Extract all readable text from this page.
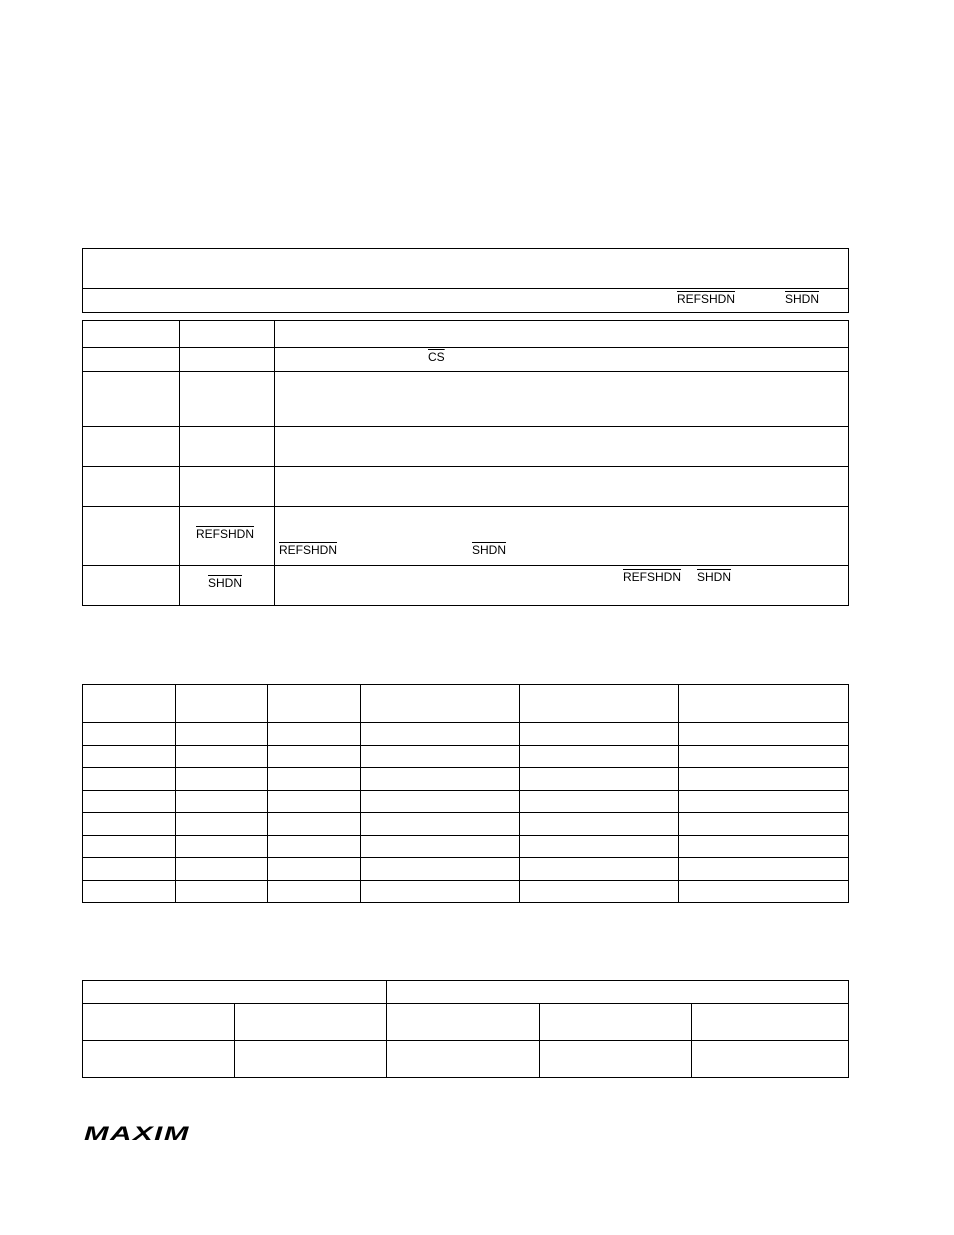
REFSHDN	SHDN

		$\overline{CS}$

	REFSHDN	REFSHDN SHDN

	SHDN	REFSHDN SHDN

MAXIM
